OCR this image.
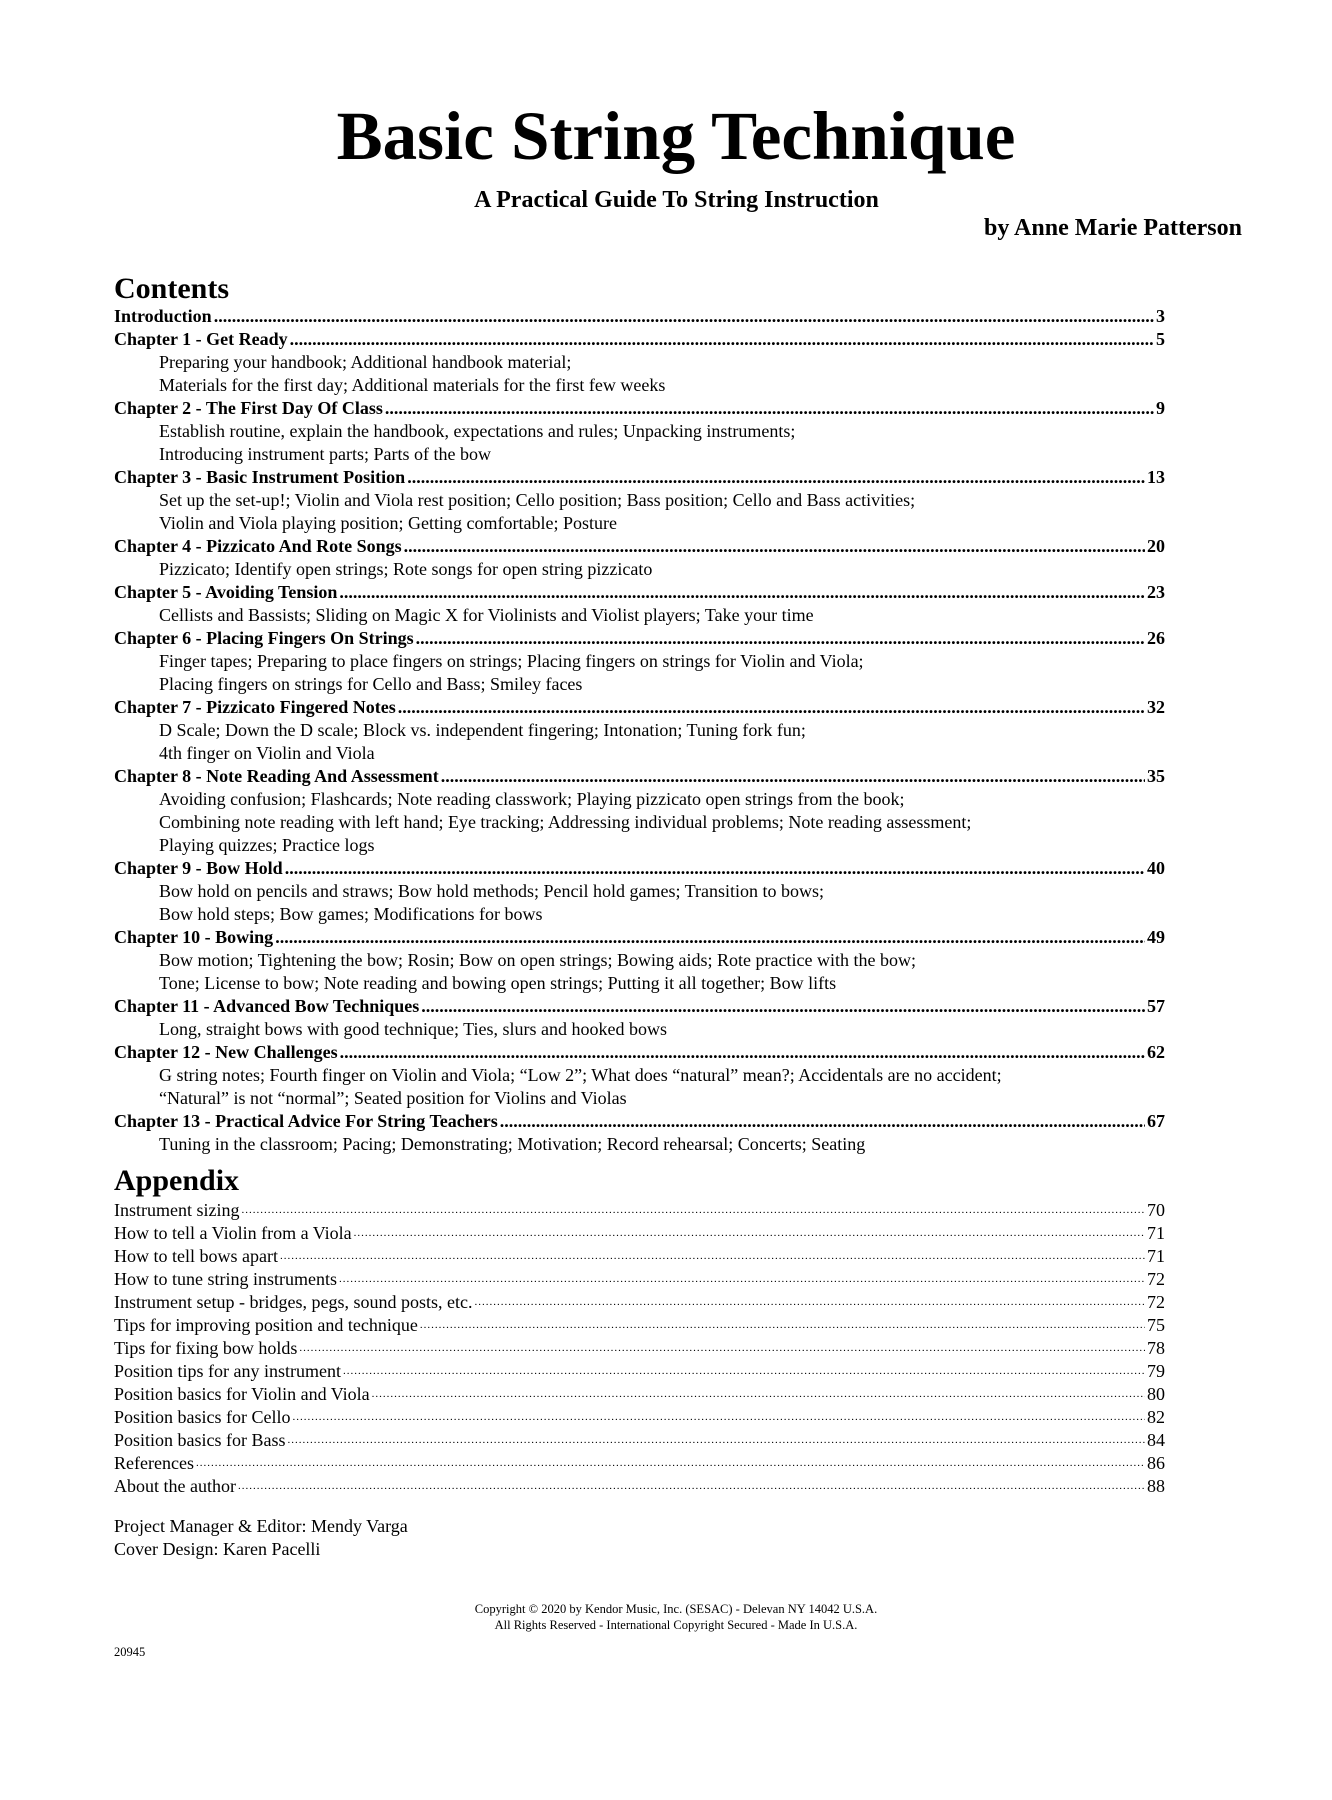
Basic String Technique
A Practical Guide To String Instruction
by Anne Marie Patterson
Contents
Introduction .....	3
Chapter 1 - Get Ready .....	5
Preparing your handbook; Additional handbook material;
Materials for the first day; Additional materials for the first few weeks
Chapter 2 - The First Day Of Class .....	9
Establish routine, explain the handbook, expectations and rules; Unpacking instruments;
Introducing instrument parts; Parts of the bow
Chapter 3 - Basic Instrument Position .....	13
Set up the set-up!; Violin and Viola rest position; Cello position; Bass position; Cello and Bass activities;
Violin and Viola playing position; Getting comfortable; Posture
Chapter 4 - Pizzicato And Rote Songs .....	20
Pizzicato; Identify open strings; Rote songs for open string pizzicato
Chapter 5 - Avoiding Tension .....	23
Cellists and Bassists; Sliding on Magic X for Violinists and Violist players; Take your time
Chapter 6 - Placing Fingers On Strings .....	26
Finger tapes; Preparing to place fingers on strings; Placing fingers on strings for Violin and Viola;
Placing fingers on strings for Cello and Bass; Smiley faces
Chapter 7 - Pizzicato Fingered Notes .....	32
D Scale; Down the D scale; Block vs. independent fingering; Intonation; Tuning fork fun;
4th finger on Violin and Viola
Chapter 8 - Note Reading And Assessment .....	35
Avoiding confusion; Flashcards; Note reading classwork; Playing pizzicato open strings from the book;
Combining note reading with left hand; Eye tracking; Addressing individual problems; Note reading assessment;
Playing quizzes; Practice logs
Chapter 9 - Bow Hold .....	40
Bow hold on pencils and straws; Bow hold methods; Pencil hold games; Transition to bows;
Bow hold steps; Bow games; Modifications for bows
Chapter 10 - Bowing .....	49
Bow motion; Tightening the bow; Rosin; Bow on open strings; Bowing aids; Rote practice with the bow;
Tone; License to bow; Note reading and bowing open strings; Putting it all together; Bow lifts
Chapter 11 - Advanced Bow Techniques .....	57
Long, straight bows with good technique; Ties, slurs and hooked bows
Chapter 12 - New Challenges .....	62
G string notes; Fourth finger on Violin and Viola; “Low 2”; What does “natural” mean?; Accidentals are no accident;
“Natural” is not “normal”; Seated position for Violins and Violas
Chapter 13 - Practical Advice For String Teachers .....	67
Tuning in the classroom; Pacing; Demonstrating; Motivation; Record rehearsal; Concerts; Seating
Appendix
Instrument sizing .....	70
How to tell a Violin from a Viola .....	71
How to tell bows apart .....	71
How to tune string instruments .....	72
Instrument setup - bridges, pegs, sound posts, etc. .....	72
Tips for improving position and technique .....	75
Tips for fixing bow holds .....	78
Position tips for any instrument .....	79
Position basics for Violin and Viola .....	80
Position basics for Cello .....	82
Position basics for Bass .....	84
References .....	86
About the author .....	88
Project Manager & Editor: Mendy Varga
Cover Design: Karen Pacelli
Copyright © 2020 by Kendor Music, Inc. (SESAC) - Delevan NY 14042 U.S.A.
All Rights Reserved - International Copyright Secured - Made In U.S.A.
20945
